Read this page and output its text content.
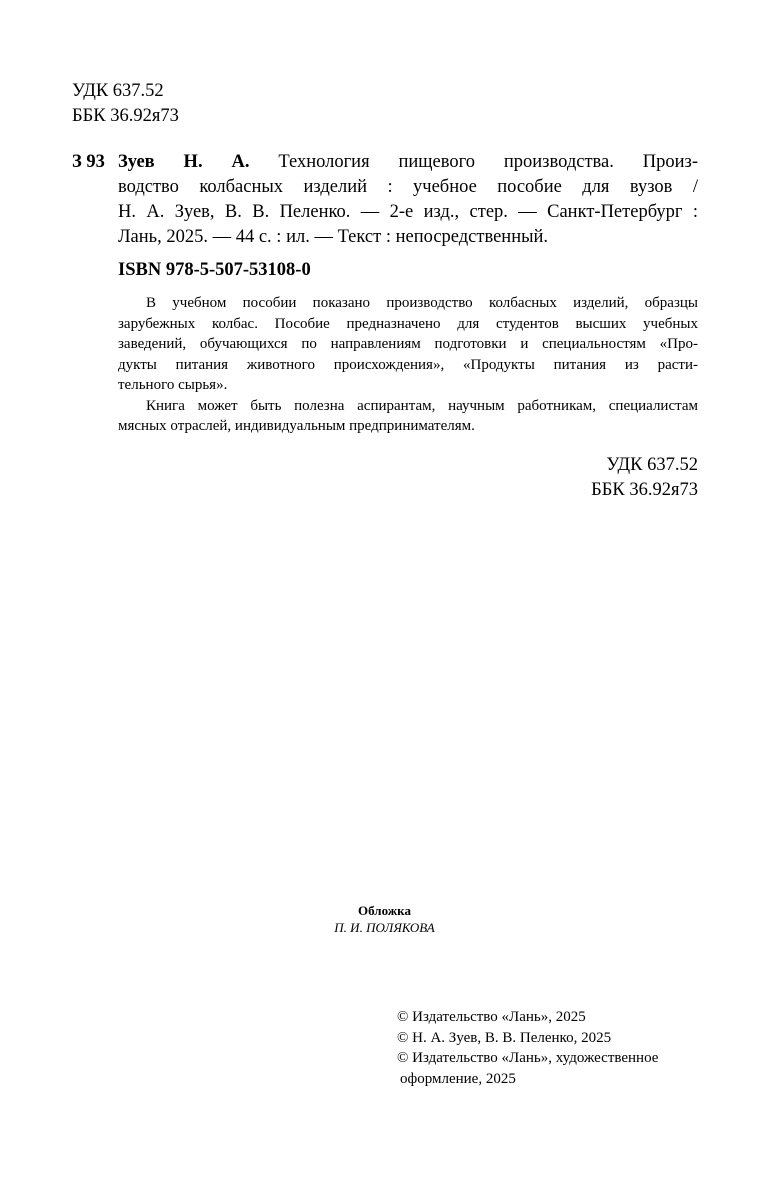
УДК 637.52
ББК 36.92я73
З 93 Зуев Н. А. Технология пищевого производства. Произ-
водство колбасных изделий : учебное пособие для вузов /
Н. А. Зуев, В. В. Пеленко. — 2-е изд., стер. — Санкт-Петербург :
Лань, 2025. — 44 с. : ил. — Текст : непосредственный.
ISBN 978-5-507-53108-0
В учебном пособии показано производство колбасных изделий, образцы
зарубежных колбас. Пособие предназначено для студентов высших учебных
заведений, обучающихся по направлениям подготовки и специальностям «Про-
дукты питания животного происхождения», «Продукты питания из расти-
тельного сырья».
Книга может быть полезна аспирантам, научным работникам, специалистам
мясных отраслей, индивидуальным предпринимателям.
УДК 637.52
ББК 36.92я73
Обложка
П. И. ПОЛЯКОВА
© Издательство «Лань», 2025
© Н. А. Зуев, В. В. Пеленко, 2025
© Издательство «Лань», художественное
оформление, 2025
